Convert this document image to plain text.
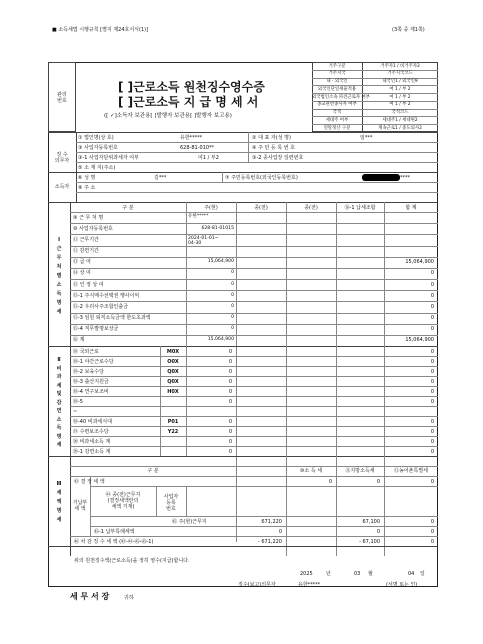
■ 소득세법 시행규칙 [별지 제24호서식(1)]	(3쪽 중 제1쪽)
관리
번호
[ ]근로소득 원천징수영수증
[ ]근로소득 지 급 명 세 서
([ ✓]소득자 보관용[ ]발행자 보관용[ ]발행자 보고용)
거주구분	거주자1 / 비거주자2
거주지국	거주지국코드
내 · 외국인	내국인1 / 외국인9
외국인단일세율적용	여 1 / 부 2
외국법인소속 파견근로자 여부	여 1 / 부 2
종교관련종사자 여부	여 1 / 부 2
국적	국적코드
세대주 여부	세대주1 / 세대원2
연말정산 구분	계속근로1 / 중도퇴사2
징 수
의무자
① 법인명(상 호)	유한*****	② 대 표 자(성 명)	임***
③ 사업자등록번호	628-81-010**	④ 주 민 등 록 번 호
③-1 사업자단위과세자 여부	여1 / 부2	③-2 종사업장 일련번호
⑤ 소 재 지(주소)
소득자
⑥ 성 명	김***	⑦ 주민등록번호(외국인등록번호)	****
⑧ 주 소
Ⅰ
근
무
처
별
소
득
명
세
구 분	주(현)	종(전)	종(전)	⑯-1 납세조합	합 계
⑨ 근 무 처 명	유한*****
⑩ 사업자등록번호	628-81-01015
⑪ 근무기간	2024-01-01~
04-30
⑫ 감면기간
⑬ 급 여	15,064,900	15,064,900
⑭ 상 여	0	0
⑮ 인 정 상 여	0	0
⑮-1 주식매수선택권 행사이익	0	0
⑮-2 우리사주조합인출금	0	0
⑮-3 임원 퇴직소득금액 한도초과액	0	0
⑮-4 직무발명보상금	0	0
⑯ 계	15,064,900	15,064,900
Ⅱ
비
과
세
및
감
면
소
득
명
세
⑱ 국외근로	M0X	0	0
⑱-1 야간근로수당	O0X	0	0
⑱-2 보육수당	Q0X	0	0
⑱-3 출산지원금	Q0X	0	0
⑱-4 연구보조비	H0X	0	0
⑱-5	0	0
~
⑱-40 비과세식대	P01	0	0
⑲ 수련보조수당	Y22	0	0
⑳ 비과세소득 계	0	0
⑳-1 감면소득 계	0	0
Ⅲ
세
액
명
세
구 분	⑩소 득 세	⑪지방소득세	⑫농어촌특별세
㊸ 결 정 세 액	0	0	0
기납부
세 액
㊹ 종(전)근무지
(결정세액란의
세액 기재)
사업자
등록
번호
㊺ 주(현)근무지	671,220	67,100	0
㊺-1 납부특례세액	0	0	0
㊻ 차 감 징 수 세 액 (㊸-㊹-㊺-㊺-1)	- 671,220	- 67,100	0
위의 원천징수액(근로소득)을 정히 영수(지급)합니다.
2025	년	03 월	04 일
징수(보고)의무자	유한*****	(서명 또는 인)
세 무 서 장	귀하
